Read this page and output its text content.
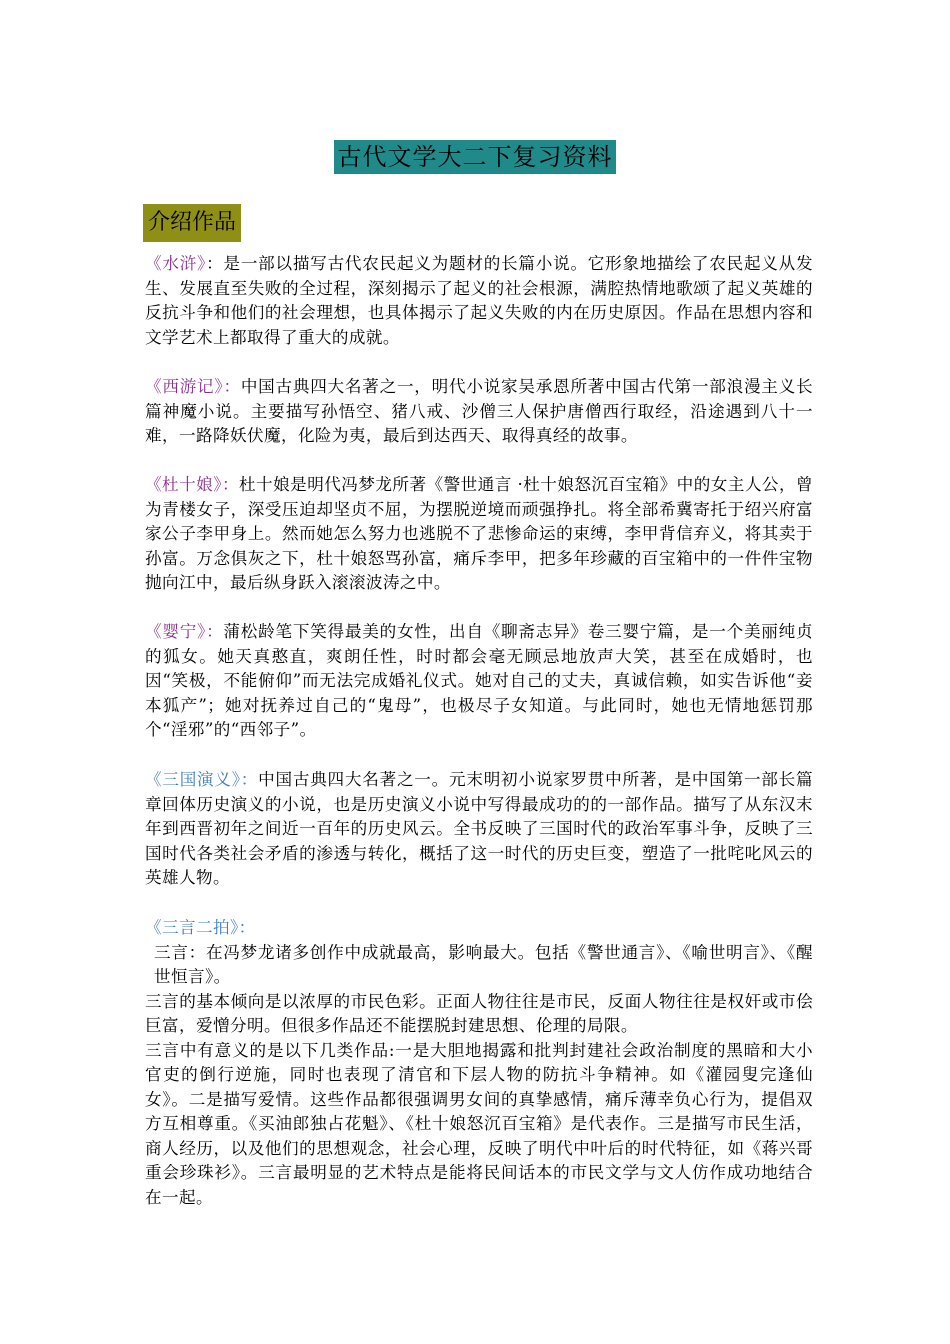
古代文学大二下复习资料
介绍作品
《水浒》：是一部以描写古代农民起义为题材的长篇小说。它形象地描绘了农民起义从发生、发展直至失败的全过程，深刻揭示了起义的社会根源，满腔热情地歌颂了起义英雄的反抗斗争和他们的社会理想，也具体揭示了起义失败的内在历史原因。作品在思想内容和文学艺术上都取得了重大的成就。
《西游记》：中国古典四大名著之一，明代小说家吴承恩所著中国古代第一部浪漫主义长篇神魔小说。主要描写孙悟空、猪八戒、沙僧三人保护唐僧西行取经，沿途遇到八十一难，一路降妖伏魔，化险为夷，最后到达西天、取得真经的故事。
《杜十娘》：杜十娘是明代冯梦龙所著《警世通言 ·杜十娘怒沉百宝箱》中的女主人公，曾为青楼女子，深受压迫却坚贞不屈，为摆脱逆境而顽强挣扎。将全部希冀寄托于绍兴府富家公子李甲身上。然而她怎么努力也逃脱不了悲惨命运的束缚，李甲背信弃义，将其卖于孙富。万念俱灰之下，杜十娘怒骂孙富，痛斥李甲，把多年珍藏的百宝箱中的一件件宝物抛向江中，最后纵身跃入滚滚波涛之中。
《婴宁》：蒲松龄笔下笑得最美的女性，出自《聊斋志异》卷三婴宁篇，是一个美丽纯贞的狐女。她天真憨直，爽朗任性，时时都会毫无顾忌地放声大笑，甚至在成婚时，也因“笑极，不能俯仰”而无法完成婚礼仪式。她对自己的丈夫，真诚信赖，如实告诉他“妾本狐产”；她对抚养过自己的“鬼母”，也极尽子女知道。与此同时，她也无情地惩罚那个“淫邪”的“西邻子”。
《三国演义》：中国古典四大名著之一。元末明初小说家罗贯中所著，是中国第一部长篇章回体历史演义的小说，也是历史演义小说中写得最成功的的一部作品。描写了从东汉末年到西晋初年之间近一百年的历史风云。全书反映了三国时代的政治军事斗争，反映了三国时代各类社会矛盾的渗透与转化，概括了这一时代的历史巨变，塑造了一批咤叱风云的英雄人物。
《三言二拍》：
三言：在冯梦龙诸多创作中成就最高，影响最大。包括《警世通言》、《喻世明言》、《醒世恒言》。
三言的基本倾向是以浓厚的市民色彩。正面人物往往是市民，反面人物往往是权奸或市侩巨富，爱憎分明。但很多作品还不能摆脱封建思想、伦理的局限。
三言中有意义的是以下几类作品:一是大胆地揭露和批判封建社会政治制度的黑暗和大小官吏的倒行逆施，同时也表现了清官和下层人物的防抗斗争精神。如《灌园叟完逢仙女》。二是描写爱情。这些作品都很强调男女间的真挚感情，痛斥薄幸负心行为，提倡双方互相尊重。《买油郎独占花魁》、《杜十娘怒沉百宝箱》是代表作。三是描写市民生活，商人经历，以及他们的思想观念，社会心理，反映了明代中叶后的时代特征，如《蒋兴哥重会珍珠衫》。三言最明显的艺术特点是能将民间话本的市民文学与文人仿作成功地结合在一起。
